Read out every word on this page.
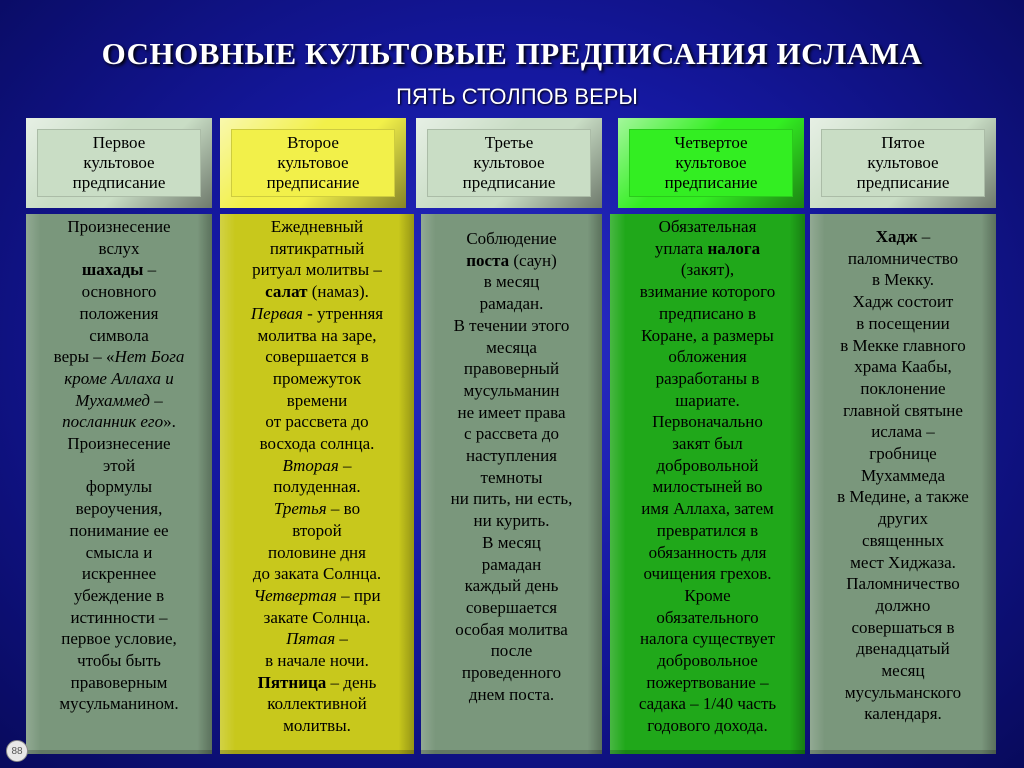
ОСНОВНЫЕ КУЛЬТОВЫЕ ПРЕДПИСАНИЯ ИСЛАМА
ПЯТЬ СТОЛПОВ ВЕРЫ
Первое
культовое
предписание
Второе
культовое
предписание
Третье
культовое
предписание
Четвертое
культовое
предписание
Пятое
культовое
предписание

Произнесение

вслух

шахады –

основного

положения

символа

веры – «Нет Бога

кроме Аллаха и

Мухаммед –

посланник его».

Произнесение

этой

формулы

вероучения,

понимание ее

смысла и

искреннее

убеждение в

истинности –

первое условие,

чтобы быть

правоверным

мусульманином.

Ежедневный

пятикратный

ритуал молитвы –

салат (намаз).

Первая - утренняя

молитва на заре,

совершается в

промежуток

времени

от рассвета до

восхода солнца.

Вторая –

полуденная.

Третья – во

второй

половине дня

до заката Солнца.

Четвертая – при

закате Солнца.

Пятая –

в начале ночи.

Пятница – день

коллективной

молитвы.

Соблюдение

поста (саун)

в месяц

рамадан.

В течении этого

месяца

правоверный

мусульманин

не имеет права

с рассвета до

наступления

темноты

ни пить, ни есть,

ни курить.

В месяц

рамадан

каждый день

совершается

особая молитва

после

проведенного

днем поста.

Обязательная

уплата налога

(закят),

взимание которого

предписано в

Коране, а размеры

обложения

разработаны в

шариате.

Первоначально

закят был

добровольной

милостыней во

имя Аллаха, затем

превратился в

обязанность для

очищения грехов.

Кроме

обязательного

налога существует

добровольное

пожертвование –

садака – 1/40 часть

годового дохода.

Хадж –

паломничество

в Мекку.

Хадж состоит

в посещении

в Мекке главного

храма Каабы,

поклонение

главной святыне

ислама –

гробнице

Мухаммеда

в Медине, а также

других

священных

мест Хиджаза.

Паломничество

должно

совершаться в

двенадцатый

месяц

мусульманского

календаря.

88
